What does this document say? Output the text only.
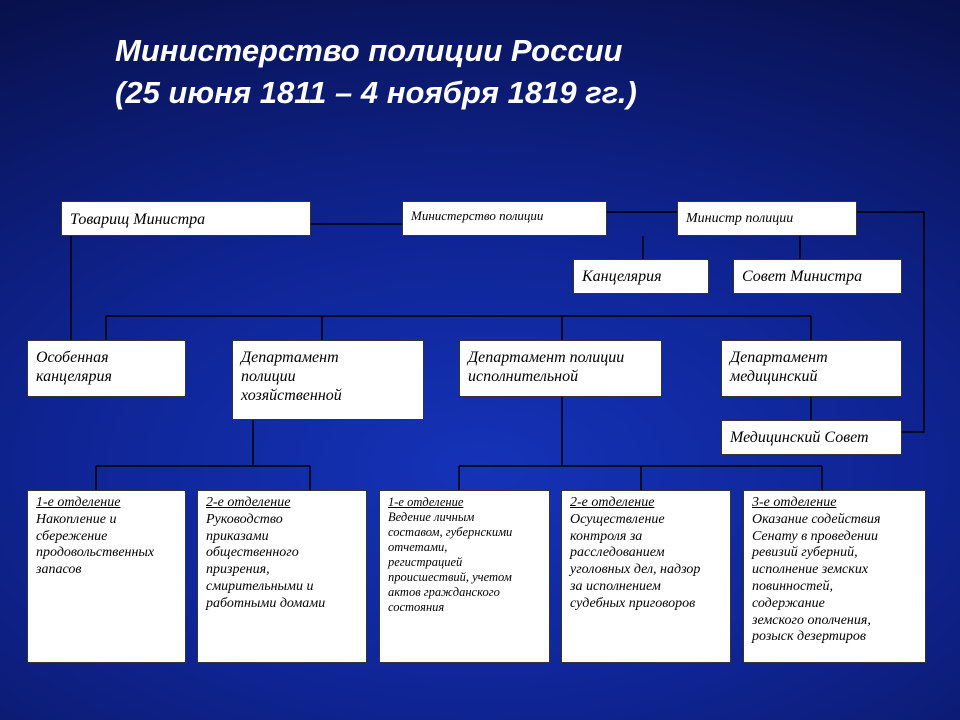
Министерство полиции России
(25 июня 1811 – 4 ноября 1819 гг.)
Товарищ Министра	Министерство полиции	Министр полиции
Канцелярия	Совет Министра
Особенная
канцелярия
Департамент
полиции
хозяйственной
Департамент полиции
исполнительной
Департамент
медицинский
Медицинский Совет
1-е отделение
Накопление и
сбережение
продовольственных
запасов
2-е отделение
Руководство
приказами
общественного
призрения,
смирительными и
работными домами
1-е отделение
Ведение личным
составом, губернскими
отчетами,
регистрацией
происшествий, учетом
актов гражданского
состояния
2-е отделение
Осуществление
контроля за
расследованием
уголовных дел, надзор
за исполнением
судебных приговоров
3-е отделение
Оказание содействия
Сенату в проведении
ревизий губерний,
исполнение земских
повинностей,
содержание
земского ополчения,
розыск дезертиров
